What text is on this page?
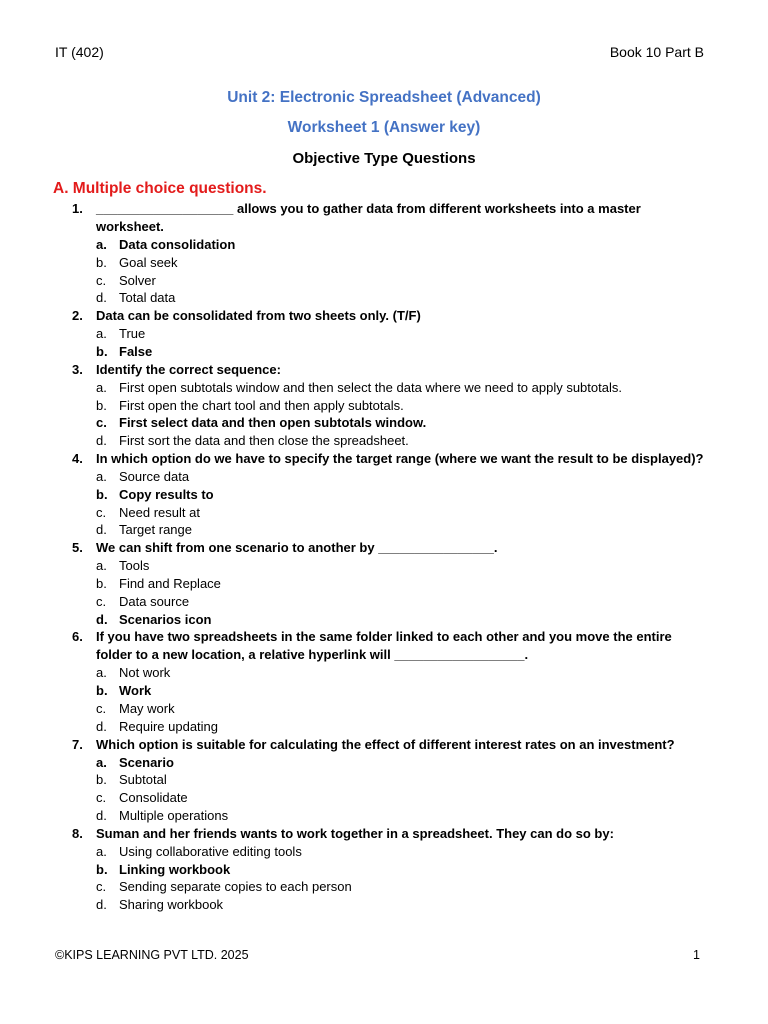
IT (402)	Book 10 Part B
Unit 2: Electronic Spreadsheet (Advanced)
Worksheet 1 (Answer key)
Objective Type Questions
A. Multiple choice questions.
1.	___________________ allows you to gather data from different worksheets into a master worksheet.
a. Data consolidation
b. Goal seek
c. Solver
d. Total data
2.	Data can be consolidated from two sheets only. (T/F)
a. True
b. False
3.	Identify the correct sequence:
a. First open subtotals window and then select the data where we need to apply subtotals.
b. First open the chart tool and then apply subtotals.
c. First select data and then open subtotals window.
d. First sort the data and then close the spreadsheet.
4.	In which option do we have to specify the target range (where we want the result to be displayed)?
a. Source data
b. Copy results to
c. Need result at
d. Target range
5.	We can shift from one scenario to another by ________________.
a. Tools
b. Find and Replace
c. Data source
d. Scenarios icon
6.	If you have two spreadsheets in the same folder linked to each other and you move the entire folder to a new location, a relative hyperlink will __________________.
a. Not work
b. Work
c. May work
d. Require updating
7.	Which option is suitable for calculating the effect of different interest rates on an investment?
a. Scenario
b. Subtotal
c. Consolidate
d. Multiple operations
8.	Suman and her friends wants to work together in a spreadsheet. They can do so by:
a. Using collaborative editing tools
b. Linking workbook
c. Sending separate copies to each person
d. Sharing workbook
©KIPS LEARNING PVT LTD. 2025	1
